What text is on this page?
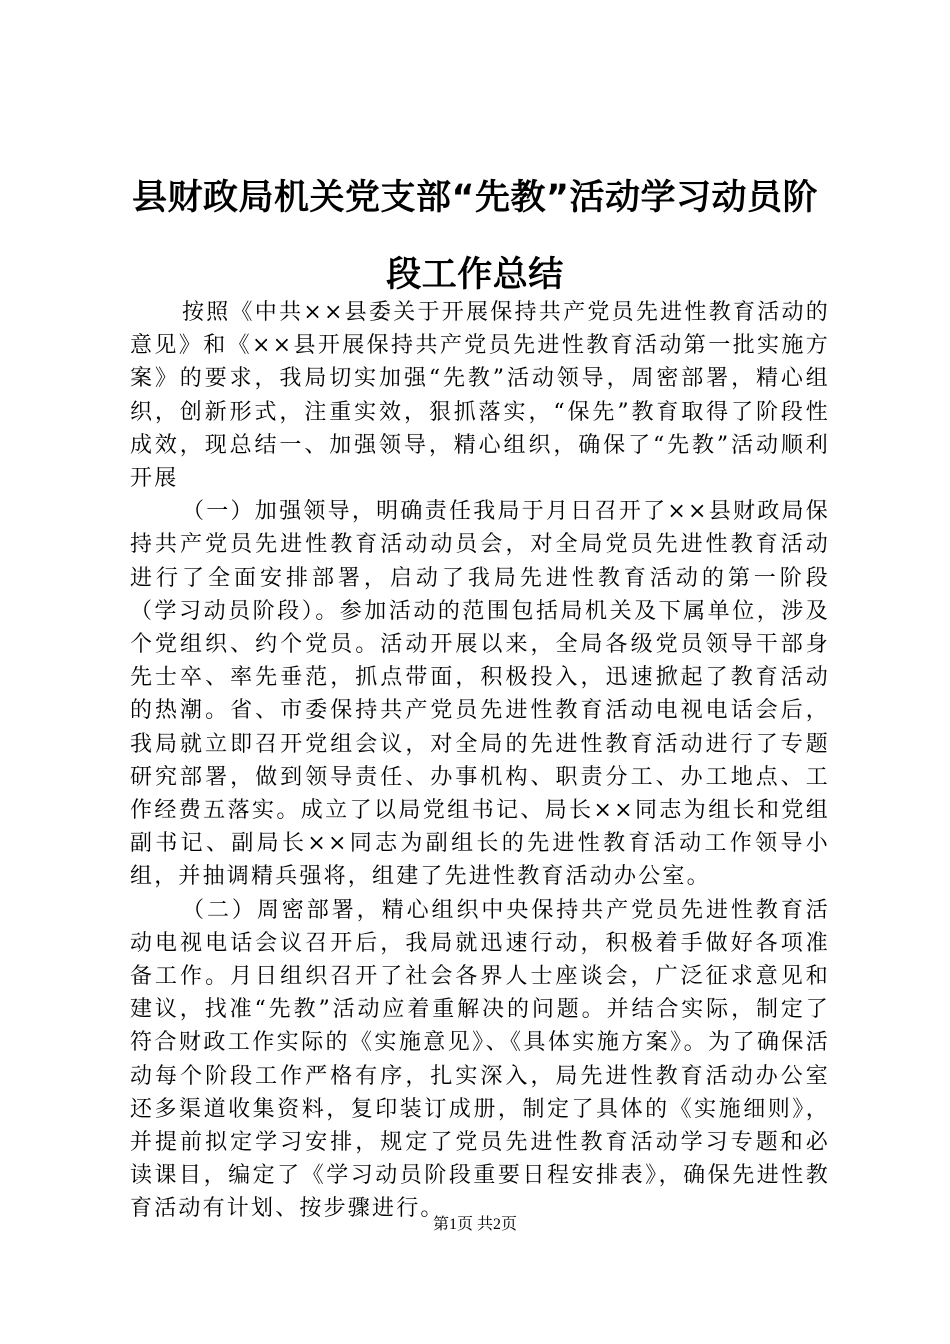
县财政局机关党支部“先教”活动学习动员阶段工作总结

按照《中共××县委关于开展保持共产党员先进性教育活动的意见》和《××县开展保持共产党员先进性教育活动第一批实施方案》的要求，我局切实加强“先教”活动领导，周密部署，精心组织，创新形式，注重实效，狠抓落实，“保先”教育取得了阶段性成效，现总结一、加强领导，精心组织，确保了“先教”活动顺利开展

（一）加强领导，明确责任我局于月日召开了××县财政局保持共产党员先进性教育活动动员会，对全局党员先进性教育活动进行了全面安排部署，启动了我局先进性教育活动的第一阶段（学习动员阶段）。参加活动的范围包括局机关及下属单位，涉及个党组织、约个党员。活动开展以来，全局各级党员领导干部身先士卒、率先垂范，抓点带面，积极投入，迅速掀起了教育活动的热潮。省、市委保持共产党员先进性教育活动电视电话会后，我局就立即召开党组会议，对全局的先进性教育活动进行了专题研究部署，做到领导责任、办事机构、职责分工、办工地点、工作经费五落实。成立了以局党组书记、局长××同志为组长和党组副书记、副局长××同志为副组长的先进性教育活动工作领导小组，并抽调精兵强将，组建了先进性教育活动办公室。

（二）周密部署，精心组织中央保持共产党员先进性教育活动电视电话会议召开后，我局就迅速行动，积极着手做好各项准备工作。月日组织召开了社会各界人士座谈会，广泛征求意见和建议，找准“先教”活动应着重解决的问题。并结合实际，制定了符合财政工作实际的《实施意见》、《具体实施方案》。为了确保活动每个阶段工作严格有序，扎实深入，局先进性教育活动办公室还多渠道收集资料，复印装订成册，制定了具体的《实施细则》，并提前拟定学习安排，规定了党员先进性教育活动学习专题和必读课目，编定了《学习动员阶段重要日程安排表》，确保先进性教育活动有计划、按步骤进行。

第1页 共2页
